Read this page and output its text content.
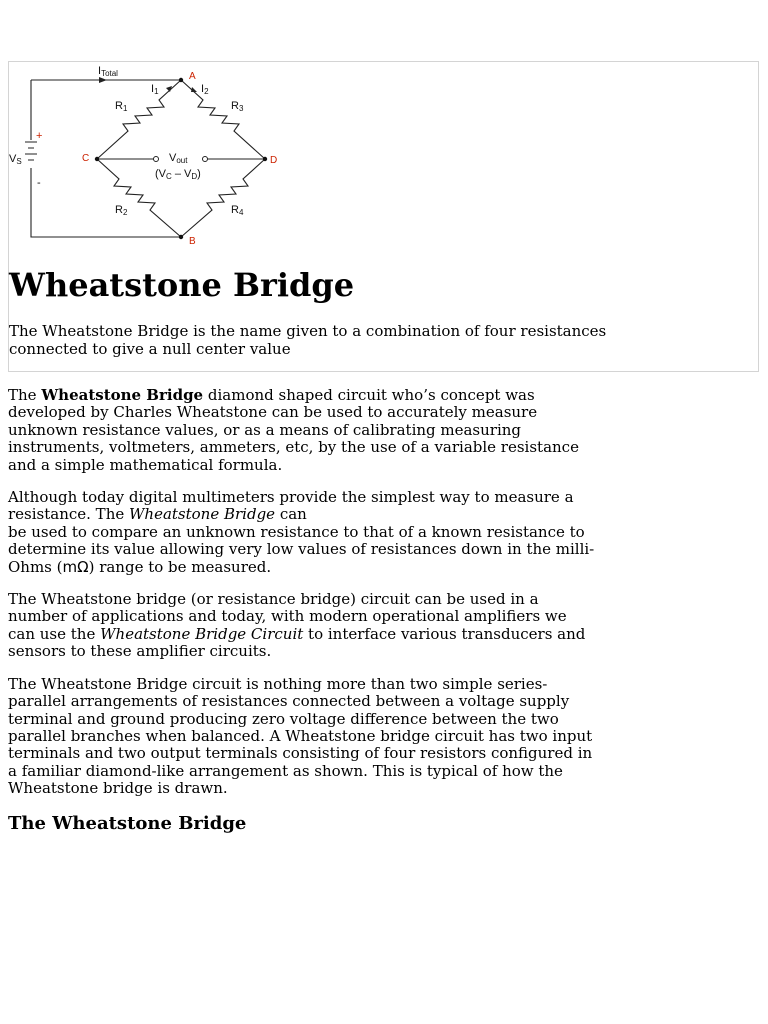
A
B
C	D
ITotal
I1	I2
R1	R3
R2	R4
VS
+
-
Vout
(VC – VD)
Wheatstone Bridge

The Wheatstone Bridge is the name given to a combination of four resistances connected to give a null center value

The Wheatstone Bridge diamond shaped circuit who’s concept was developed by Charles Wheatstone can be used to accurately measure unknown resistance values, or as a means of calibrating measuring instruments, voltmeters, ammeters, etc, by the use of a variable resistance and a simple mathematical formula.

Although today digital multimeters provide the simplest way to measure a resistance. The Wheatstone Bridge can
be used to compare an unknown resistance to that of a known resistance to determine its value allowing very low values of resistances down in the milli-Ohms (mΩ) range to be measured.

The Wheatstone bridge (or resistance bridge) circuit can be used in a number of applications and today, with modern operational amplifiers we can use the Wheatstone Bridge Circuit to interface various transducers and sensors to these amplifier circuits.

The Wheatstone Bridge circuit is nothing more than two simple series-parallel arrangements of resistances connected between a voltage supply terminal and ground producing zero voltage difference between the two parallel branches when balanced. A Wheatstone bridge circuit has two input terminals and two output terminals consisting of four resistors configured in a familiar diamond-like arrangement as shown. This is typical of how the Wheatstone bridge is drawn.

The Wheatstone Bridge
